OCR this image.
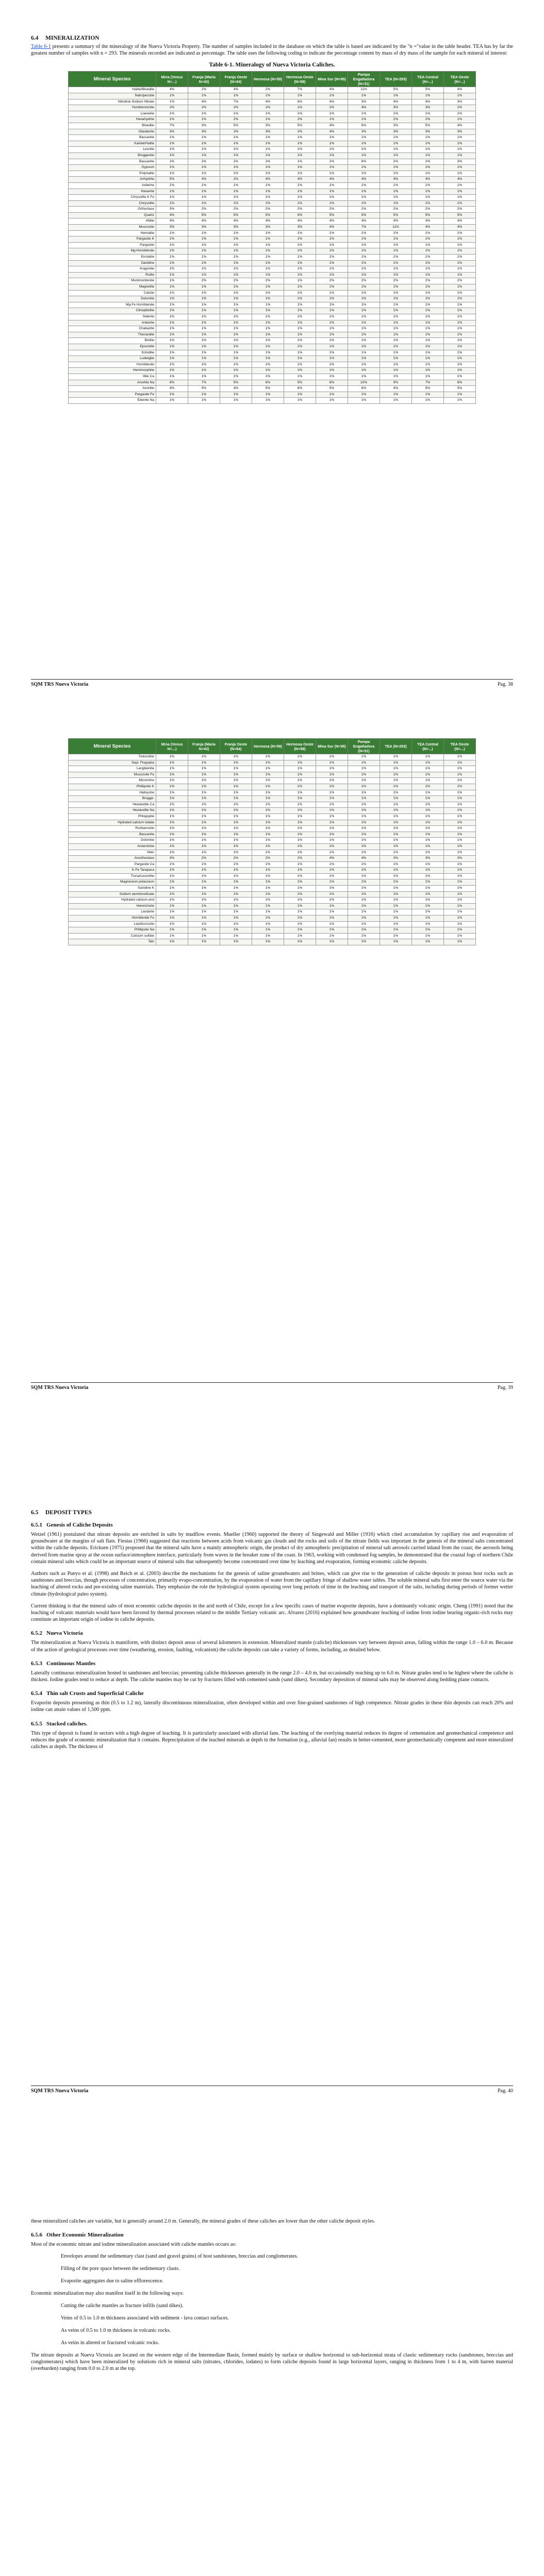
6.4 MINERALIZATION

Table 6-1 presents a summary of the mineralogy of the Nueva Victoria Property. The number of samples included in the database on which the table is based are indicated by the "n ="value in the table header. TEA has by far the greatest number of samples with n = 293. The minerals recorded are indicated as percentage. The table uses the following coding to indicate the percentage content by mass of dry mass of the sample for each mineral of interest:

Table 6-1. Mineralogy of Nueva Victoria Caliches.
Mineral Species	Mina (Venus N=...)	Franja (Maria N=43)	Franja Oeste (N=64)	Hermosa (N=59)	Hermosa Oeste (N=59)	Mina Sur (N=95)	Pampa Engañadora (N=31)	TEA (N=293)	TEA Central (N=...)	TEA Oeste (N=...)
Halite/Bloedite	4%	2%	4%	2%	7%	4%	11%	5%	5%	4%
Natrojarosite	1%	1%	1%	1%	1%	1%	1%	1%	1%	1%
Nitratine Sodium Nitrate	1%	4%	7%	4%	6%	4%	3%	4%	4%	3%
Humberstonite	2%	2%	2%	2%	1%	2%	4%	3%	3%	2%
Loeweite	1%	1%	1%	1%	1%	1%	1%	1%	1%	1%
Hexahydrite	1%	1%	2%	1%	2%	1%	1%	2%	2%	1%
Bloedite	7%	3%	5%	3%	5%	4%	6%	3%	5%	4%
Glauberite	3%	3%	2%	3%	2%	4%	3%	3%	3%	3%
Bassanite	1%	1%	1%	1%	1%	1%	1%	1%	1%	1%
Kainite/Halite	1%	1%	1%	1%	1%	1%	1%	1%	1%	1%
Leonite	1%	1%	1%	1%	1%	1%	1%	1%	1%	1%
Bruggenite	1%	1%	1%	1%	1%	1%	1%	1%	1%	1%
Bassanite	2%	2%	2%	2%	1%	2%	6%	2%	2%	3%
Gypsum	1%	1%	1%	1%	1%	1%	1%	1%	1%	1%
Polyhalite	1%	1%	1%	1%	1%	1%	1%	1%	1%	1%
Anhydrite	5%	4%	2%	4%	4%	4%	4%	4%	4%	4%
Iodarine	1%	1%	1%	1%	1%	1%	1%	1%	1%	1%
Kieserite	1%	1%	1%	1%	1%	1%	1%	1%	1%	1%
Chrysolite K Fe	1%	1%	1%	1%	1%	1%	1%	1%	1%	1%
Chrysolite	1%	1%	1%	1%	1%	1%	1%	1%	1%	1%
Orthoclase	3%	2%	2%	2%	2%	2%	2%	2%	2%	2%
Quartz	4%	5%	5%	5%	6%	5%	5%	5%	5%	5%
Albite	4%	4%	4%	4%	4%	4%	4%	4%	4%	4%
Muscovite	3%	3%	3%	3%	3%	4%	7%	11%	4%	4%
Hematite	1%	1%	1%	1%	1%	1%	1%	1%	1%	1%
Pargasite K	1%	1%	1%	1%	1%	1%	1%	1%	1%	1%
Pargasite	1%	1%	1%	1%	1%	1%	1%	1%	1%	1%
Mg-Hornblende	1%	1%	1%	1%	1%	1%	1%	1%	1%	1%
Enstatite	1%	1%	1%	1%	1%	1%	1%	1%	1%	1%
Sanidine	1%	1%	1%	1%	1%	1%	1%	1%	1%	1%
Aragonite	1%	1%	1%	1%	1%	1%	1%	1%	1%	1%
Rutile	1%	1%	1%	1%	1%	1%	1%	1%	1%	1%
Montmorillonite	1%	2%	2%	2%	1%	2%	2%	2%	2%	2%
Magnetite	1%	1%	1%	1%	1%	1%	1%	1%	1%	1%
Calcite	1%	1%	1%	1%	1%	1%	1%	1%	1%	1%
Dolomite	1%	1%	1%	1%	1%	1%	1%	1%	1%	1%
Mg-Fe Hornblende	1%	1%	1%	1%	1%	1%	1%	1%	1%	1%
Clinoptilolite	1%	1%	1%	1%	1%	1%	1%	1%	1%	1%
Siderite	1%	1%	1%	1%	1%	1%	1%	1%	1%	1%
Ankerite	1%	1%	1%	1%	1%	1%	1%	1%	1%	1%
Chabazite	1%	1%	1%	1%	1%	1%	1%	1%	1%	1%
Thenardite	1%	1%	1%	1%	1%	1%	1%	1%	1%	1%
Biotite	1%	1%	1%	1%	1%	1%	1%	1%	1%	1%
Epsomite	1%	1%	1%	1%	1%	1%	1%	1%	1%	1%
Schollite	1%	1%	1%	1%	1%	1%	1%	1%	1%	1%
Ludwigite	1%	1%	1%	1%	1%	1%	1%	1%	1%	1%
Hornblende	1%	1%	1%	1%	1%	1%	1%	1%	1%	1%
Hemimorphite	1%	1%	1%	1%	1%	1%	1%	1%	1%	1%
Illite Ca	1%	1%	1%	1%	1%	1%	1%	1%	1%	1%
Anortita Na	6%	7%	5%	6%	5%	6%	10%	9%	7%	6%
Anortite	4%	5%	4%	5%	6%	5%	6%	4%	5%	5%
Pargasite Fe	1%	1%	1%	1%	1%	1%	1%	1%	1%	1%
Edenite Na	1%	1%	1%	1%	1%	1%	1%	1%	1%	1%
SQM TRS Nueva Victoria	Pag. 38
Mineral Species	Mina (Venus N=...)	Franja (Maria N=43)	Franja Oeste (N=64)	Hermosa (N=59)	Hermosa Oeste (N=59)	Mina Sur (N=95)	Pampa Engañadora (N=31)	TEA (N=293)	TEA Central (N=...)	TEA Oeste (N=...)
Todorokite	1%	1%	1%	1%	1%	1%	1%	1%	1%	1%
Sepi. Flogopita	1%	1%	1%	1%	1%	1%	1%	1%	1%	1%
Langbeinite	1%	1%	1%	1%	1%	1%	1%	1%	1%	1%
Muscovite Fe	1%	1%	1%	1%	1%	1%	1%	1%	1%	1%
Microcline	1%	1%	1%	1%	1%	1%	1%	1%	1%	1%
Phillipsite K	1%	1%	1%	1%	1%	1%	1%	1%	1%	1%
Halloysite	1%	1%	1%	1%	1%	1%	1%	1%	1%	1%
Brugge.	1%	1%	1%	1%	1%	1%	1%	1%	1%	1%
Heulandite Ca	1%	1%	1%	1%	1%	1%	1%	1%	1%	1%
Heulandite Na	1%	1%	1%	1%	1%	1%	1%	1%	1%	1%
Phlogopite	1%	1%	1%	1%	1%	1%	1%	1%	1%	1%
Hydrated calcium iodate	1%	1%	1%	1%	1%	1%	1%	1%	1%	1%
Rozbanovite	1%	1%	1%	1%	1%	1%	1%	1%	1%	1%
Bassanite	1%	1%	1%	1%	1%	1%	1%	1%	1%	1%
Dolomite	1%	1%	1%	1%	1%	1%	1%	1%	1%	1%
Antarcticite	1%	1%	1%	1%	1%	1%	1%	1%	1%	1%
Niter	1%	1%	1%	1%	1%	1%	1%	1%	1%	1%
Anorthoclase	3%	2%	2%	2%	2%	4%	4%	3%	3%	3%
Pargasite Ca	1%	1%	1%	1%	1%	1%	1%	1%	1%	1%
K-Fe Tarapaca	1%	1%	1%	1%	1%	1%	1%	1%	1%	1%
Trona/Lecontite	1%	1%	1%	1%	1%	1%	1%	1%	1%	1%
Magnesium potassium	1%	1%	1%	1%	1%	1%	1%	1%	1%	1%
Sanidine K	1%	1%	1%	1%	1%	1%	1%	1%	1%	1%
Sodium aluminosilicate	1%	1%	1%	1%	1%	1%	1%	1%	1%	1%
Hydrated calcium and	1%	1%	1%	1%	1%	1%	1%	1%	1%	1%
Heinrichsite	1%	1%	1%	1%	1%	1%	1%	1%	1%	1%
Lautarite	1%	1%	1%	1%	1%	1%	1%	1%	1%	1%
Hornblende Fe	1%	1%	1%	1%	1%	1%	1%	1%	1%	1%
Lepidocrocite	1%	1%	1%	1%	1%	1%	1%	1%	1%	1%
Phillipsite Na	1%	1%	1%	1%	1%	1%	1%	1%	1%	1%
Calcium sulfate	1%	1%	1%	1%	1%	1%	1%	1%	1%	1%
Talc	1%	1%	1%	1%	1%	1%	1%	1%	1%	1%
SQM TRS Nueva Victoria	Pag. 39
6.5 DEPOSIT TYPES
6.5.1 Genesis of Caliche Deposits

Wetzel (1961) postulated that nitrate deposits are enriched in salts by mudflow events. Mueller (1960) supported the theory of Singewald and Miller (1916) which cited accumulation by capillary rise and evaporation of groundwater at the margins of salt flats. Fiestas (1966) suggested that reactions between acids from volcanic gas clouds and the rocks and soils of the nitrate fields was important in the genesis of the mineral salts concentrated within the caliche deposits. Ericksen (1975) proposed that the mineral salts have a mainly atmospheric origin, the product of dry atmospheric precipitation of mineral salt aerosols carried inland from the coast; the aerosols being derived from marine spray at the ocean surface/atmosphere interface, particularly from waves in the breaker zone of the coast. In 1963, working with condensed fog samples, he demonstrated that the coastal fogs of northern Chile contain mineral salts which could be an important source of mineral salts that subsequently become concentrated over time by leaching and evaporation, forming economic caliche deposits.

Authors such as Pueyo et al. (1998) and Reich et al. (2003) describe the mechanisms for the genesis of saline groundwaters and brines, which can give rise to the generation of caliche deposits in porous host rocks such as sandstones and breccias, though processes of concentration, primarily evapo-concentration, by the evaporation of water from the capillary fringe of shallow water tables. The soluble mineral salts first enter the source water via the leaching of altered rocks and pre-existing saline materials. They emphasize the role the hydrological system operating over long periods of time in the leaching and transport of the salts, including during periods of former wetter climate (hydrological paleo system).

Current thinking is that the mineral salts of most economic caliche deposits in the arid north of Chile, except for a few specific cases of marine evaporite deposits, have a dominantly volcanic origin. Cheng (1991) noted that the leaching of volcanic materials would have been favored by thermal processes related to the middle Tertiary volcanic arc. Alvarez (2016) explained how groundwater leaching of iodine from iodine bearing organic-rich rocks may constitute an important origin of iodine in caliche deposits.

6.5.2 Nueva Victoria

The mineralization at Nueva Victoria is mantiform, with distinct deposit areas of several kilometers in extension. Mineralized mantle (caliche) thicknesses vary between deposit areas, falling within the range 1.0 – 6.0 m. Because of the action of geological processes over time (weathering, erosion, faulting, volcanism) the caliche deposits can take a variety of forms, including, as detailed below.

6.5.3 Continuous Mantles

Laterally continuous mineralization hosted in sandstones and breccias; presenting caliche thicknesses generally in the range 2.0 – 4.0 m, but occasionally reaching up to 6.0 m. Nitrate grades tend to be highest where the caliche is thickest. Iodine grades tend to reduce at depth. The caliche mantles may be cut by fractures filled with cemented sands (sand dikes). Secondary deposition of mineral salts may be observed along bedding plane contacts.

6.5.4 Thin salt Crusts and Superficial Caliche

Evaporite deposits presenting as thin (0.5 to 1.2 m), laterally discontinuous mineralization, often developed within and over fine-grained sandstones of high competence. Nitrate grades in these thin deposits can reach 20% and iodine can attain values of 1,500 ppm.

6.5.5 Stacked caliches.

This type of deposit is found in sectors with a high degree of leaching. It is particularly associated with alluvial fans. The leaching of the overlying material reduces its degree of cementation and geomechanical competence and reduces the grade of economic mineralization that it contains. Reprecipitation of the leached minerals at depth in the formation (e.g., alluvial fan) results in better-cemented, more geomechanically competent and more mineralized caliches at depth. The thickness of

SQM TRS Nueva Victoria	Pag. 40

these mineralized caliches are variable, but is generally around 2.0 m. Generally, the mineral grades of these caliches are lower than the other caliche deposit styles.

6.5.6 Other Economic Mineralization

Most of the economic nitrate and iodine mineralization associated with caliche mantles occurs as:

Envelopes around the sedimentary clast (sand and gravel grains) of host sandstones, breccias and conglomerates.
Filling of the pore space between the sedimentary clasts.
Evaporite aggregates due to saline efflorescence.

Economic mineralization may also manifest itself in the following ways:

Cutting the caliche mantles as fracture infills (sand dikes).
Veins of 0.5 to 1.0 m thickness associated with sediment - lava contact surfaces.
As veins of 0.5 to 1.0 m thickness in volcanic rocks.
As veins in altered or fractured volcanic rocks.

The nitrate deposits at Nueva Victoria are located on the western edge of the Intermediate Basin, formed mainly by surface or shallow horizontal to sub-horizontal strata of clastic sedimentary rocks (sandstones, breccias and conglomerates) which have been mineralized by solutions rich in mineral salts (nitrates, chlorides, iodates) to form caliche deposits found in large horizontal layers, ranging in thickness from 1 to 4 m, with barren material (overburden) ranging from 0.0 to 2.0 m at the top.
